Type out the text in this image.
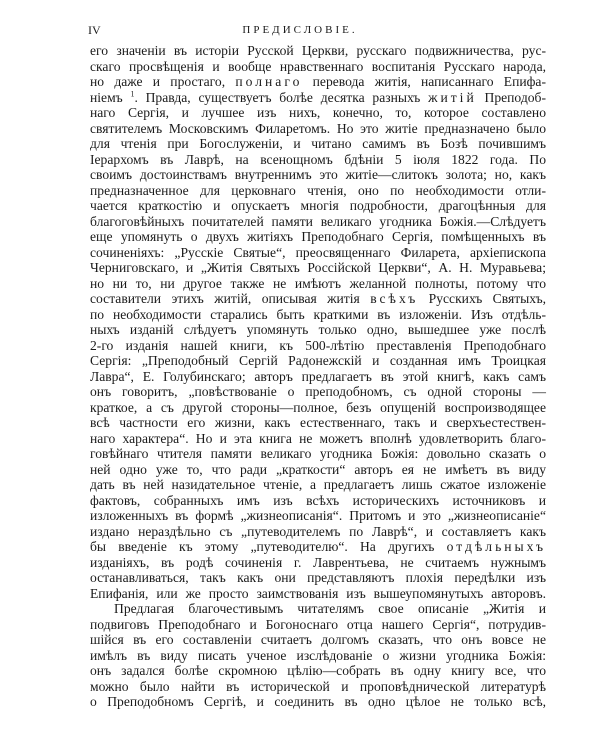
IV	ПРЕДИСЛОВIЕ.
его значенiи въ исторiи Русской Церкви, русскаго подвижничества, рус-
скаго просвѣщенiя и вообще нравственнаго воспитанiя Русскаго народа,
но даже и простаго, полнаго перевода житiя, написаннаго Епифа-
нiемъ $^1$. Правда, существуетъ болѣе десятка разныхъ житiй Преподоб-
наго Сергiя, и лучшее изъ нихъ, конечно, то, которое составлено
святителемъ Московскимъ Филаретомъ. Но это житiе предназначено было
для чтенiя при Богослуженiи, и читано самимъ въ Бозѣ почившимъ
Iерархомъ въ Лаврѣ, на всенощномъ бдѣнiи 5 iюля 1822 года. По
своимъ достоинствамъ внутреннимъ это житiе—слитокъ золота; но, какъ
предназначенное для церковнаго чтенiя, оно по необходимости отли-
чается краткостiю и опускаетъ многiя подробности, драгоцѣнныя для
благоговѣйныхъ почитателей памяти великаго угодника Божiя.—Слѣдуетъ
еще упомянуть о двухъ житiяхъ Преподобнаго Сергiя, помѣщенныхъ въ
сочиненiяхъ: „Русскiе Святые“, преосвященнаго Филарета, архiепископа
Черниговскаго, и „Житiя Святыхъ Россiйской Церкви“, А. Н. Муравьева;
но ни то, ни другое также не имѣютъ желанной полноты, потому что
составители этихъ житiй, описывая житiя всѣхъ Русскихъ Святыхъ,
по необходимости старались быть краткими въ изложенiи. Изъ отдѣль-
ныхъ изданiй слѣдуетъ упомянуть только одно, вышедшее уже послѣ
2-го изданiя нашей книги, къ 500-лѣтiю преставленiя Преподобнаго
Сергiя: „Преподобный Сергiй Радонежскiй и созданная имъ Троицкая
Лавра“, Е. Голубинскаго; авторъ предлагаетъ въ этой книгѣ, какъ самъ
онъ говоритъ, „повѣствованiе о преподобномъ, съ одной стороны —
краткое, а съ другой стороны—полное, безъ опущенiй воспроизводящее
всѣ частности его жизни, какъ естественнаго, такъ и сверхъестествен-
наго характера“. Но и эта книга не можетъ вполнѣ удовлетворить благо-
говѣйнаго чтителя памяти великаго угодника Божiя: довольно сказать о
ней одно уже то, что ради „краткости“ авторъ ея не имѣетъ въ виду
дать въ ней назидательное чтенiе, а предлагаетъ лишь сжатое изложенiе
фактовъ, собранныхъ имъ изъ всѣхъ историческихъ источниковъ и
изложенныхъ въ формѣ „жизнеописанiя“. Притомъ и это „жизнеописанiе“
издано нераздѣльно съ „путеводителемъ по Лаврѣ“, и составляетъ какъ
бы введенiе къ этому „путеводителю“. На другихъ отдѣльныхъ
изданiяхъ, въ родѣ сочиненiя г. Лаврентьева, не считаемъ нужнымъ
останавливаться, такъ какъ они представляютъ плохiя передѣлки изъ
Епифанiя, или же просто заимствованiя изъ вышеупомянутыхъ авторовъ.
Предлагая благочестивымъ читателямъ свое описанiе „Житiя и
подвиговъ Преподобнаго и Богоноснаго отца нашего Сергiя“, потрудив-
шiйся въ его составленiи считаетъ долгомъ сказать, что онъ вовсе не
имѣлъ въ виду писать ученое изслѣдованiе о жизни угодника Божiя:
онъ задался болѣе скромною цѣлiю—собрать въ одну книгу все, что
можно было найти въ исторической и проповѣднической литературѣ
о Преподобномъ Сергiѣ, и соединить въ одно цѣлое не только всѣ,
